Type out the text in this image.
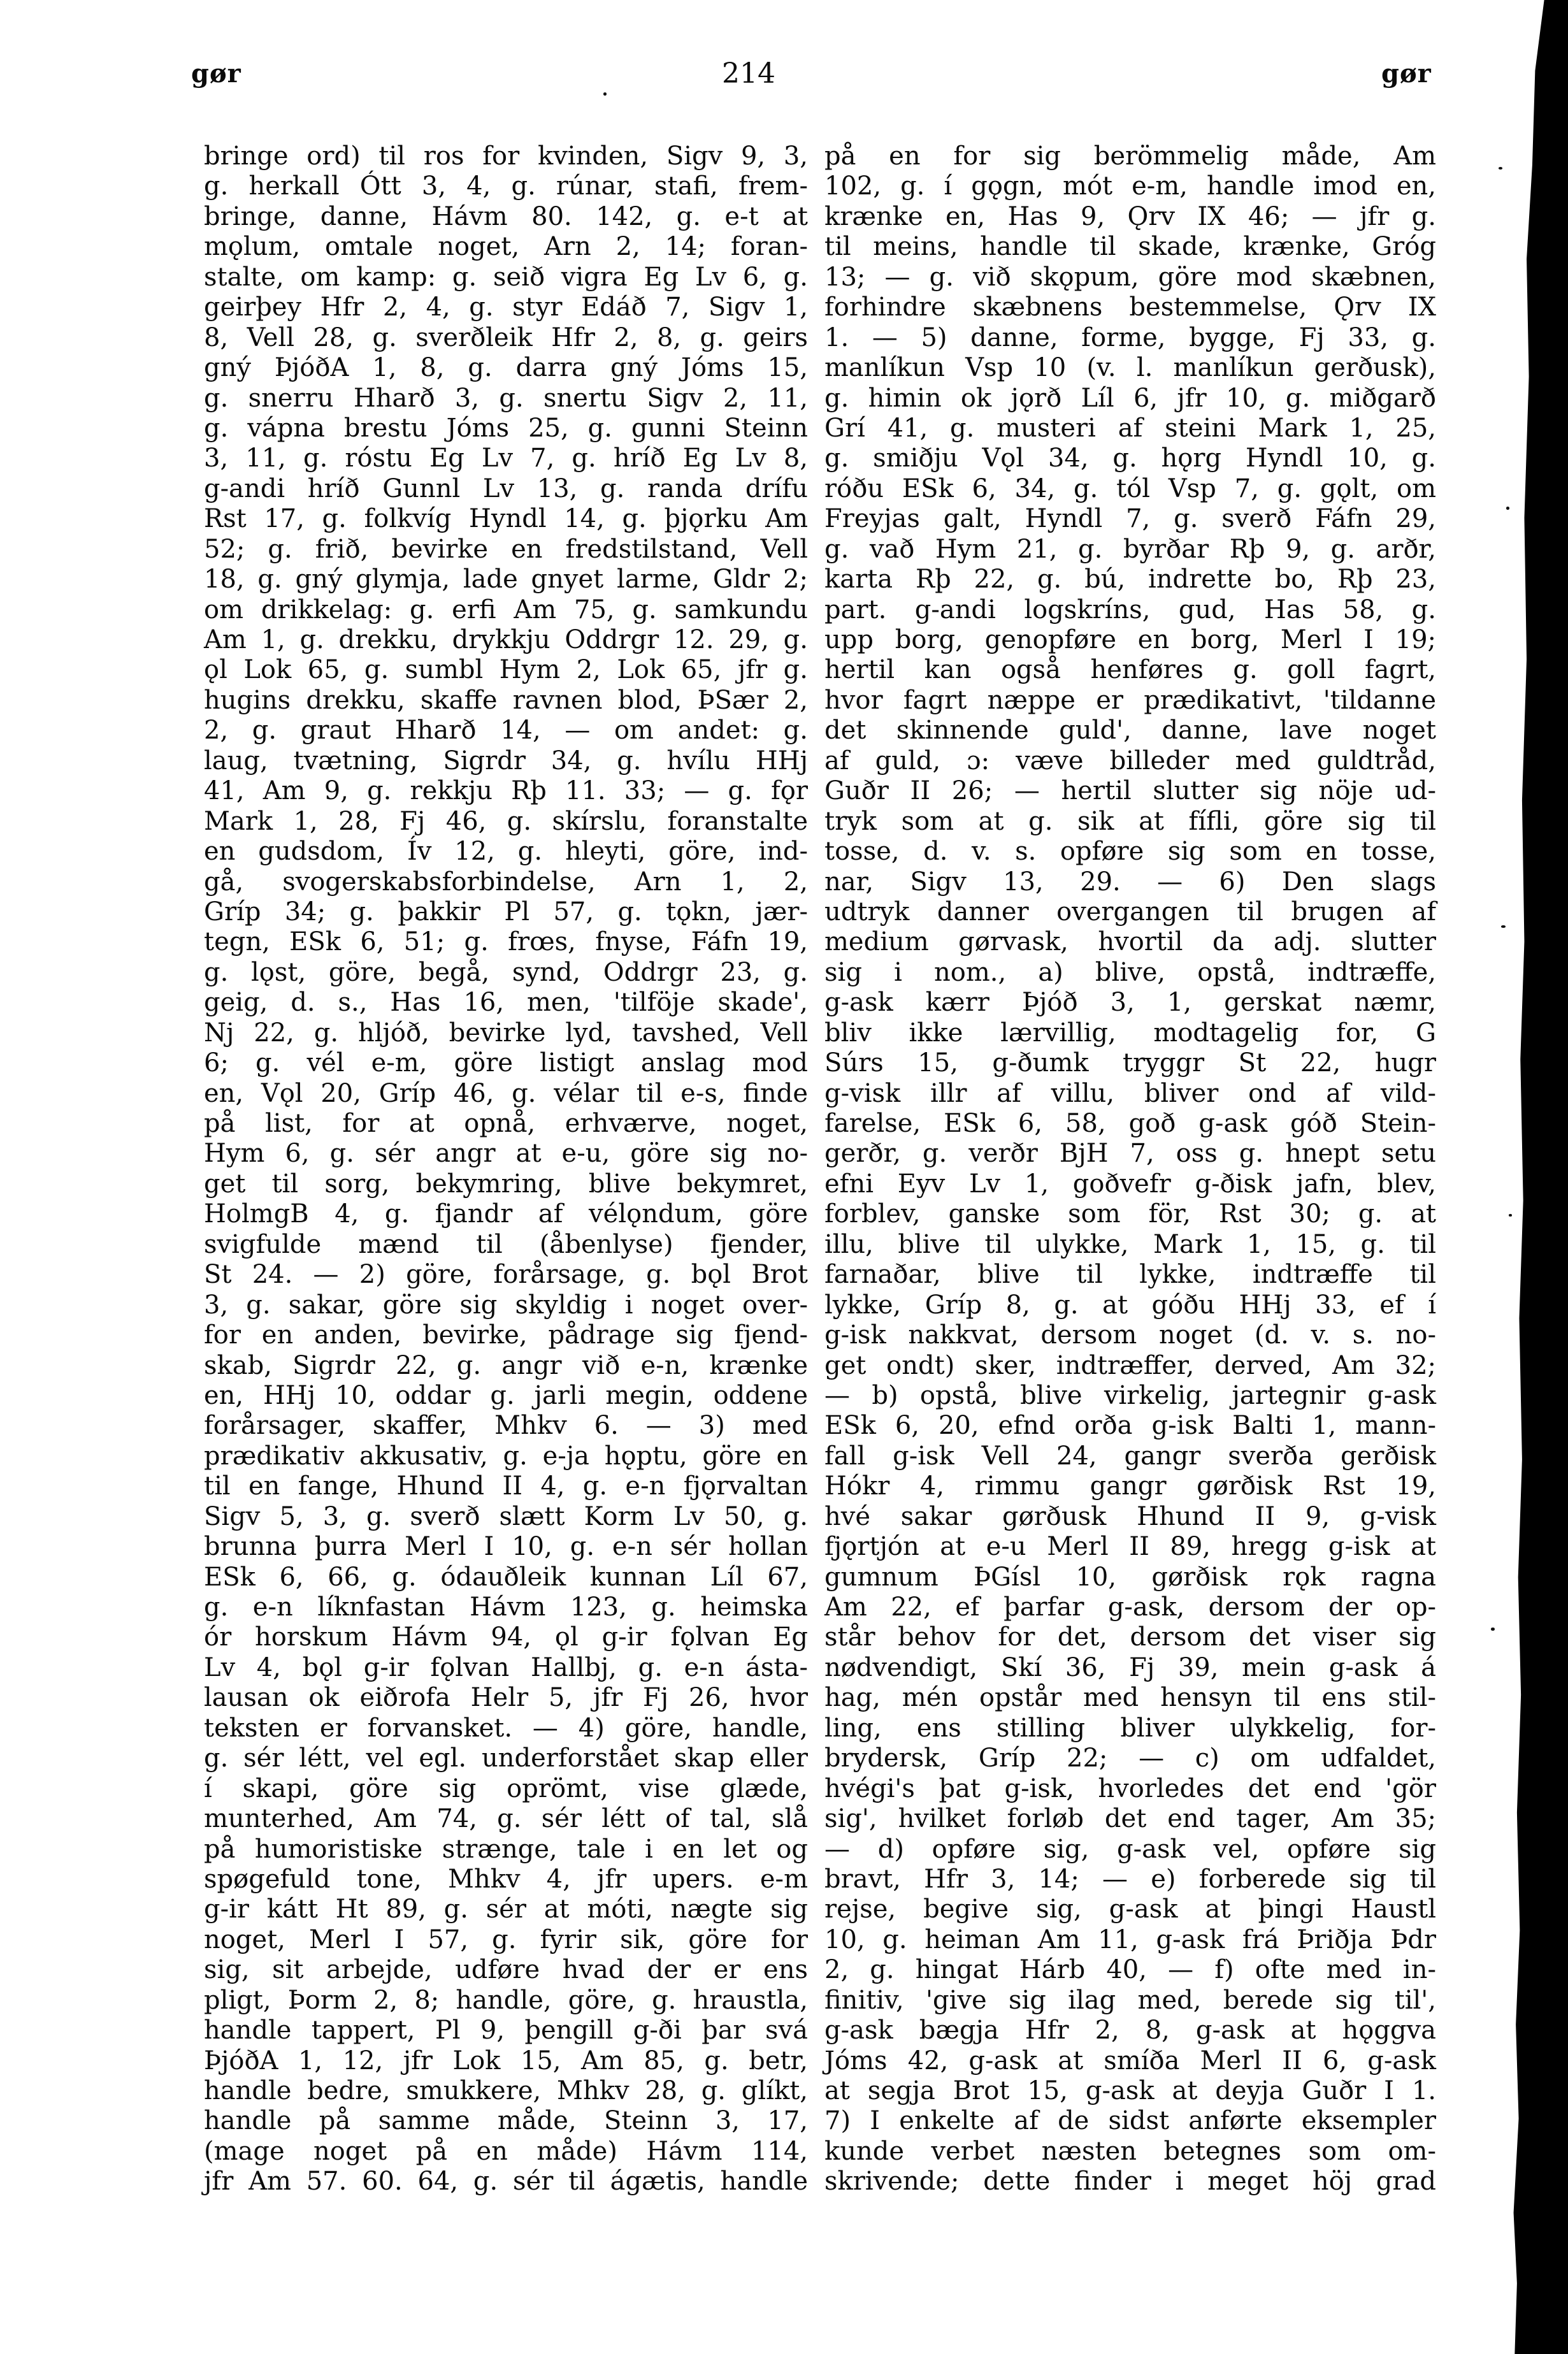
gør	214	gør
bringe ord) til ros for kvinden, Sigv 9, 3,
g. herkall Ótt 3, 4, g. rúnar, stafi, frem-
bringe, danne, Hávm 80. 142, g. e-t at
mǫlum, omtale noget, Arn 2, 14; foran-
stalte, om kamp: g. seið vigra Eg Lv 6, g.
geirþey Hfr 2, 4, g. styr Edáð 7, Sigv 1,
8, Vell 28, g. sverðleik Hfr 2, 8, g. geirs
gný ÞjóðA 1, 8, g. darra gný Jóms 15,
g. snerru Hharð 3, g. snertu Sigv 2, 11,
g. vápna brestu Jóms 25, g. gunni Steinn
3, 11, g. róstu Eg Lv 7, g. hríð Eg Lv 8,
g-andi hríð Gunnl Lv 13, g. randa drífu
Rst 17, g. folkvíg Hyndl 14, g. þjǫrku Am
52; g. frið, bevirke en fredstilstand, Vell
18, g. gný glymja, lade gnyet larme, Gldr 2;
om drikkelag: g. erfi Am 75, g. samkundu
Am 1, g. drekku, drykkju Oddrgr 12. 29, g.
ǫl Lok 65, g. sumbl Hym 2, Lok 65, jfr g.
hugins drekku, skaffe ravnen blod, ÞSær 2,
2, g. graut Hharð 14, — om andet: g.
laug, tvætning, Sigrdr 34, g. hvílu HHj
41, Am 9, g. rekkju Rþ 11. 33; — g. fǫr
Mark 1, 28, Fj 46, g. skírslu, foranstalte
en gudsdom, Ív 12, g. hleyti, göre, ind-
gå, svogerskabsforbindelse, Arn 1, 2,
Gríp 34; g. þakkir Pl 57, g. tǫkn, jær-
tegn, ESk 6, 51; g. frœs, fnyse, Fáfn 19,
g. lǫst, göre, begå, synd, Oddrgr 23, g.
geig, d. s., Has 16, men, 'tilföje skade',
Nj 22, g. hljóð, bevirke lyd, tavshed, Vell
6; g. vél e-m, göre listigt anslag mod
en, Vǫl 20, Gríp 46, g. vélar til e-s, finde
på list, for at opnå, erhværve, noget,
Hym 6, g. sér angr at e-u, göre sig no-
get til sorg, bekymring, blive bekymret,
HolmgB 4, g. fjandr af vélǫndum, göre
svigfulde mænd til (åbenlyse) fjender,
St 24. — 2) göre, forårsage, g. bǫl Brot
3, g. sakar, göre sig skyldig i noget over-
for en anden, bevirke, pådrage sig fjend-
skab, Sigrdr 22, g. angr við e-n, krænke
en, HHj 10, oddar g. jarli megin, oddene
forårsager, skaffer, Mhkv 6. — 3) med
prædikativ akkusativ, g. e-ja hǫptu, göre en
til en fange, Hhund II 4, g. e-n fjǫrvaltan
Sigv 5, 3, g. sverð slætt Korm Lv 50, g.
brunna þurra Merl I 10, g. e-n sér hollan
ESk 6, 66, g. ódauðleik kunnan Líl 67,
g. e-n líknfastan Hávm 123, g. heimska
ór horskum Hávm 94, ǫl g-ir fǫlvan Eg
Lv 4, bǫl g-ir fǫlvan Hallbj, g. e-n ásta-
lausan ok eiðrofa Helr 5, jfr Fj 26, hvor
teksten er forvansket. — 4) göre, handle,
g. sér létt, vel egl. underforstået skap eller
í skapi, göre sig oprömt, vise glæde,
munterhed, Am 74, g. sér létt of tal, slå
på humoristiske strænge, tale i en let og
spøgefuld tone, Mhkv 4, jfr upers. e-m
g-ir kátt Ht 89, g. sér at móti, nægte sig
noget, Merl I 57, g. fyrir sik, göre for
sig, sit arbejde, udføre hvad der er ens
pligt, Þorm 2, 8; handle, göre, g. hraustla,
handle tappert, Pl 9, þengill g-ði þar svá
ÞjóðA 1, 12, jfr Lok 15, Am 85, g. betr,
handle bedre, smukkere, Mhkv 28, g. glíkt,
handle på samme måde, Steinn 3, 17,
(mage noget på en måde) Hávm 114,
jfr Am 57. 60. 64, g. sér til ágætis, handle
på en for sig berömmelig måde, Am
102, g. í gǫgn, mót e-m, handle imod en,
krænke en, Has 9, Ǫrv IX 46; — jfr g.
til meins, handle til skade, krænke, Gróg
13; — g. við skǫpum, göre mod skæbnen,
forhindre skæbnens bestemmelse, Ǫrv IX
1. — 5) danne, forme, bygge, Fj 33, g.
manlíkun Vsp 10 (v. l. manlíkun gerðusk),
g. himin ok jǫrð Líl 6, jfr 10, g. miðgarð
Grí 41, g. musteri af steini Mark 1, 25,
g. smiðju Vǫl 34, g. hǫrg Hyndl 10, g.
róðu ESk 6, 34, g. tól Vsp 7, g. gǫlt, om
Freyjas galt, Hyndl 7, g. sverð Fáfn 29,
g. vað Hym 21, g. byrðar Rþ 9, g. arðr,
karta Rþ 22, g. bú, indrette bo, Rþ 23,
part. g-andi logskríns, gud, Has 58, g.
upp borg, genopføre en borg, Merl I 19;
hertil kan også henføres g. goll fagrt,
hvor fagrt næppe er prædikativt, 'tildanne
det skinnende guld', danne, lave noget
af guld, ɔ: væve billeder med guldtråd,
Guðr II 26; — hertil slutter sig nöje ud-
tryk som at g. sik at fífli, göre sig til
tosse, d. v. s. opføre sig som en tosse,
nar, Sigv 13, 29. — 6) Den slags
udtryk danner overgangen til brugen af
medium gørvask, hvortil da adj. slutter
sig i nom., a) blive, opstå, indtræffe,
g-ask kærr Þjóð 3, 1, gerskat næmr,
bliv ikke lærvillig, modtagelig for, G
Súrs 15, g-ðumk tryggr St 22, hugr
g-visk illr af villu, bliver ond af vild-
farelse, ESk 6, 58, goð g-ask góð Stein-
gerðr, g. verðr BjH 7, oss g. hnept setu
efni Eyv Lv 1, goðvefr g-ðisk jafn, blev,
forblev, ganske som för, Rst 30; g. at
illu, blive til ulykke, Mark 1, 15, g. til
farnaðar, blive til lykke, indtræffe til
lykke, Gríp 8, g. at góðu HHj 33, ef í
g-isk nakkvat, dersom noget (d. v. s. no-
get ondt) sker, indtræffer, derved, Am 32;
— b) opstå, blive virkelig, jartegnir g-ask
ESk 6, 20, efnd orða g-isk Balti 1, mann-
fall g-isk Vell 24, gangr sverða gerðisk
Hókr 4, rimmu gangr gørðisk Rst 19,
hvé sakar gørðusk Hhund II 9, g-visk
fjǫrtjón at e-u Merl II 89, hregg g-isk at
gumnum ÞGísl 10, gørðisk rǫk ragna
Am 22, ef þarfar g-ask, dersom der op-
står behov for det, dersom det viser sig
nødvendigt, Skí 36, Fj 39, mein g-ask á
hag, mén opstår med hensyn til ens stil-
ling, ens stilling bliver ulykkelig, for-
brydersk, Gríp 22; — c) om udfaldet,
hvégi's þat g-isk, hvorledes det end 'gör
sig', hvilket forløb det end tager, Am 35;
— d) opføre sig, g-ask vel, opføre sig
bravt, Hfr 3, 14; — e) forberede sig til
rejse, begive sig, g-ask at þingi Haustl
10, g. heiman Am 11, g-ask frá Þriðja Þdr
2, g. hingat Hárb 40, — f) ofte med in-
finitiv, 'give sig ilag med, berede sig til',
g-ask bægja Hfr 2, 8, g-ask at hǫggva
Jóms 42, g-ask at smíða Merl II 6, g-ask
at segja Brot 15, g-ask at deyja Guðr I 1.
7) I enkelte af de sidst anførte eksempler
kunde verbet næsten betegnes som om-
skrivende; dette finder i meget höj grad
